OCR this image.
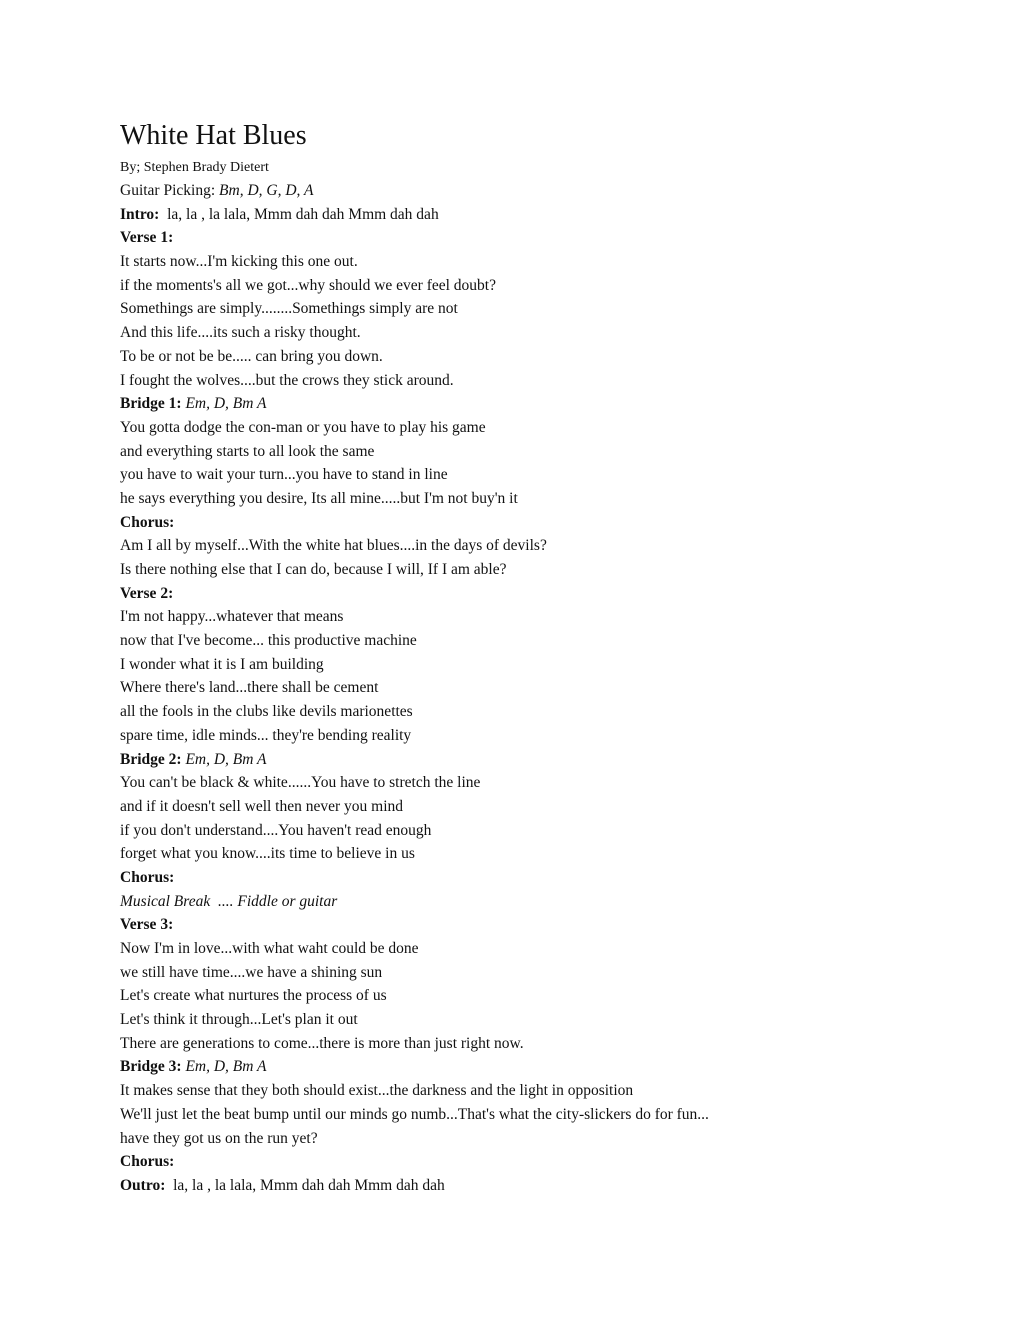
White Hat Blues
By; Stephen Brady Dietert
Guitar Picking: Bm, D, G, D, A
Intro:  la, la , la lala, Mmm dah dah Mmm dah dah
Verse 1:
It starts now...I'm kicking this one out.
if the moments's all we got...why should we ever feel doubt?
Somethings are simply........Somethings simply are not
And this life....its such a risky thought.
To be or not be be..... can bring you down.
I fought the wolves....but the crows they stick around.
Bridge 1: Em, D, Bm A
You gotta dodge the con-man or you have to play his game
and everything starts to all look the same
you have to wait your turn...you have to stand in line
he says everything you desire, Its all mine.....but I'm not buy'n it
Chorus:
Am I all by myself...With the white hat blues....in the days of devils?
Is there nothing else that I can do, because I will, If I am able?
Verse 2:
I'm not happy...whatever that means
now that I've become... this productive machine
I wonder what it is I am building
Where there's land...there shall be cement
all the fools in the clubs like devils marionettes
spare time, idle minds... they're bending reality
Bridge 2: Em, D, Bm A
You can't be black & white......You have to stretch the line
and if it doesn't sell well then never you mind
if you don't understand....You haven't read enough
forget what you know....its time to believe in us
Chorus:
Musical Break  .... Fiddle or guitar
Verse 3:
Now I'm in love...with what waht could be done
we still have time....we have a shining sun
Let's create what nurtures the process of us
Let's think it through...Let's plan it out
There are generations to come...there is more than just right now.
Bridge 3: Em, D, Bm A
It makes sense that they both should exist...the darkness and the light in opposition
We'll just let the beat bump until our minds go numb...That's what the city-slickers do for fun...
have they got us on the run yet?
Chorus:
Outro:  la, la , la lala, Mmm dah dah Mmm dah dah
